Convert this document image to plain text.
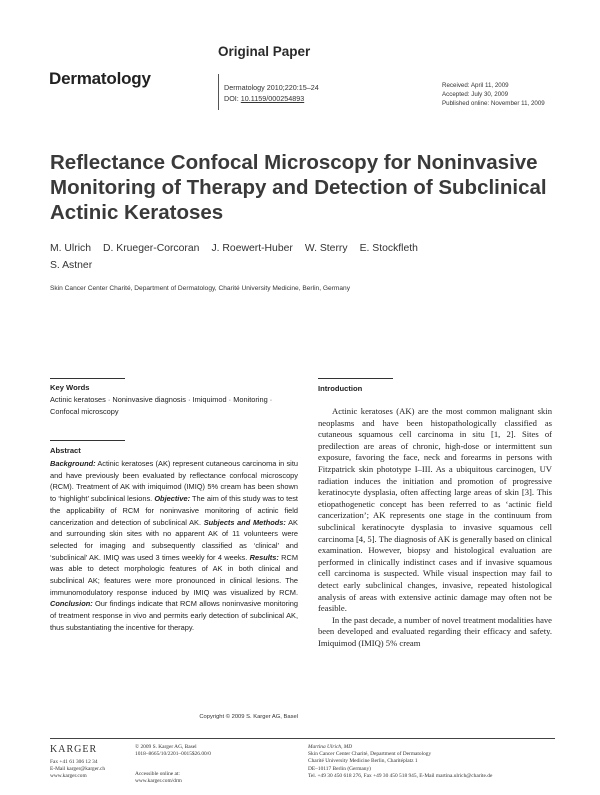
Original Paper
Dermatology	Dermatology 2010;220:15–24
DOI: 10.1159/000254893
Received: April 11, 2009
Accepted: July 30, 2009
Published online: November 11, 2009
Reflectance Confocal Microscopy for Noninvasive Monitoring of Therapy and Detection of Subclinical Actinic Keratoses
M. Ulrich D. Krueger-Corcoran J. Roewert-Huber W. Sterry E. Stockfleth
S. Astner
Skin Cancer Center Charité, Department of Dermatology, Charité University Medicine, Berlin, Germany
Key Words
Actinic keratoses · Noninvasive diagnosis · Imiquimod · Monitoring · Confocal microscopy
Abstract
Background: Actinic keratoses (AK) represent cutaneous carcinoma in situ and have previously been evaluated by reflectance confocal microscopy (RCM). Treatment of AK with imiquimod (IMIQ) 5% cream has been shown to ‘highlight’ subclinical lesions. Objective: The aim of this study was to test the applicability of RCM for noninvasive monitoring of actinic field cancerization and detection of subclinical AK. Subjects and Methods: AK and surrounding skin sites with no apparent AK of 11 volunteers were selected for imaging and subsequently classified as ‘clinical’ and ‘subclinical’ AK. IMIQ was used 3 times weekly for 4 weeks. Results: RCM was able to detect morphologic features of AK in both clinical and subclinical AK; features were more pronounced in clinical lesions. The immunomodulatory response induced by IMIQ was visualized by RCM. Conclusion: Our findings indicate that RCM allows noninvasive monitoring of treatment response in vivo and permits early detection of subclinical AK, thus substantiating the incentive for therapy.
Copyright © 2009 S. Karger AG, Basel
Introduction

Actinic keratoses (AK) are the most common malignant skin neoplasms and have been histopathologically classified as cutaneous squamous cell carcinoma in situ [1, 2]. Sites of predilection are areas of chronic, high-dose or intermittent sun exposure, favoring the face, neck and forearms in persons with Fitzpatrick skin phototype I–III. As a ubiquitous carcinogen, UV radiation induces the initiation and promotion of progressive keratinocyte dysplasia, often affecting large areas of skin [3]. This etiopathogenetic concept has been referred to as ‘actinic field cancerization’; AK represents one stage in the continuum from subclinical keratinocyte dysplasia to invasive squamous cell carcinoma [4, 5]. The diagnosis of AK is generally based on clinical examination. However, biopsy and histological evaluation are performed in clinically indistinct cases and if invasive squamous cell carcinoma is suspected. While visual inspection may fail to detect early subclinical changes, invasive, repeated histological analysis of areas with extensive actinic damage may often not be feasible.

In the past decade, a number of novel treatment modalities have been developed and evaluated regarding their efficacy and safety. Imiquimod (IMIQ) 5% cream

KARGER
Fax +41 61 306 12 34
E-Mail karger@karger.ch
www.karger.com
© 2009 S. Karger AG, Basel
1018–8665/10/2201–0015$26.00/0
Accessible online at:
www.karger.com/drm
Martina Ulrich, MD
Skin Cancer Center Charité, Department of Dermatology
Charité University Medicine Berlin, Charitéplatz 1
DE–10117 Berlin (Germany)
Tel. +49 30 450 618 276, Fax +49 30 450 518 945, E-Mail martina.ulrich@charite.de
